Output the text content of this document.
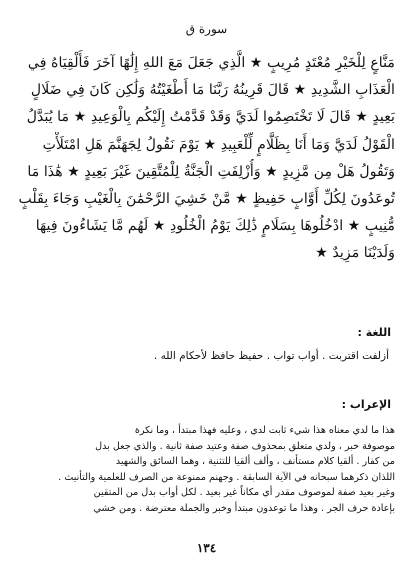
سورة ق
مَنَّاعٍ لِلْخَيْرِ مُعْتَدٍ مُرِيبٍ ★ الَّذِي جَعَلَ مَعَ اللهِ إِلَٰهًا آخَرَ فَأَلْقِيَاهُ فِي
الْعَذَابِ الشَّدِيدِ ★ قَالَ قَرِينُهُ رَبَّنَا مَا أَطْغَيْتُهُ وَلَٰكِن كَانَ فِي ضَلَالٍ
بَعِيدٍ ★ قَالَ لَا تَخْتَصِمُوا لَدَيَّ وَقَدْ قَدَّمْتُ إِلَيْكُم بِالْوَعِيدِ ★ مَا يُبَدَّلُ
الْقَوْلُ لَدَيَّ وَمَا أَنَا بِظَلَّامٍ لِّلْعَبِيدِ ★ يَوْمَ نَقُولُ لِجَهَنَّمَ هَلِ امْتَلَأْتِ
وَتَقُولُ هَلْ مِن مَّزِيدٍ ★ وَأُزْلِفَتِ الْجَنَّةُ لِلْمُتَّقِينَ غَيْرَ بَعِيدٍ ★ هَٰذَا مَا
تُوعَدُونَ لِكُلِّ أَوَّابٍ حَفِيظٍ ★ مَّنْ خَشِيَ الرَّحْمَٰنَ بِالْغَيْبِ وَجَاءَ بِقَلْبٍ
مُّنِيبٍ ★ ادْخُلُوهَا بِسَلَامٍ ذَٰلِكَ يَوْمُ الْخُلُودِ ★ لَهُم مَّا يَشَاءُونَ فِيهَا
وَلَدَيْنَا مَزِيدٌ ★
اللغة :
أزلفت اقتربت . أواب تواب . حفيظ حافظ لأحكام الله .
الإعراب :
هذا ما لدي معناه هذا شيء ثابت لدي ، وعليه فهذا مبتدأ ، وما نكرة
موصوفة خبر ، ولدي متعلق بمحذوف صفة وعتيد صفة ثانية . والذي جعل بدل
من كفار . ألقيا كلام مستأنف ، وألف ألقيا للتثنية ، وهما السائق والشهيد
اللذان ذكرهما سبحانه في الآية السابقة . وجهنم ممنوعة من الصرف للعلمية والتأنيث .
وغير بعيد صفة لموصوف مقدر أي مكاناً غير بعيد . لكل أواب بدل من المتقين
بإعادة حرف الجر . وهذا ما توعدون مبتدأ وخبر والجملة معترضة . ومن خشي
١٣٤
